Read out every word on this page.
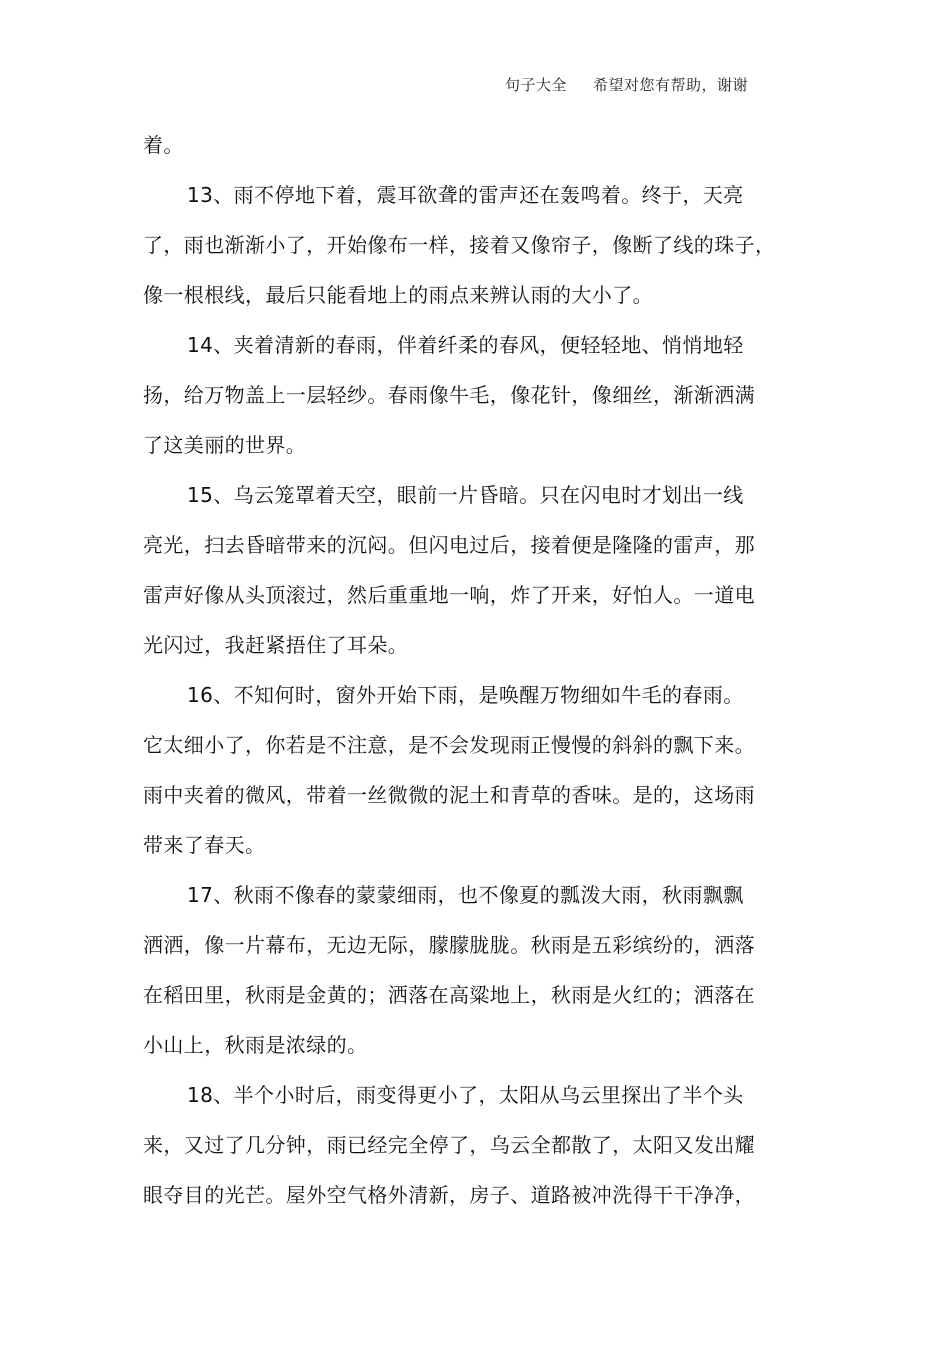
句子大全 希望对您有帮助，谢谢
着。
13、雨不停地下着，震耳欲聋的雷声还在轰鸣着。终于，天亮
了，雨也渐渐小了，开始像布一样，接着又像帘子，像断了线的珠子，
像一根根线，最后只能看地上的雨点来辨认雨的大小了。
14、夹着清新的春雨，伴着纤柔的春风，便轻轻地、悄悄地轻
扬，给万物盖上一层轻纱。春雨像牛毛，像花针，像细丝，渐渐洒满
了这美丽的世界。
15、乌云笼罩着天空，眼前一片昏暗。只在闪电时才划出一线
亮光，扫去昏暗带来的沉闷。但闪电过后，接着便是隆隆的雷声，那
雷声好像从头顶滚过，然后重重地一响，炸了开来，好怕人。一道电
光闪过，我赶紧捂住了耳朵。
16、不知何时，窗外开始下雨，是唤醒万物细如牛毛的春雨。
它太细小了，你若是不注意，是不会发现雨正慢慢的斜斜的飘下来。
雨中夹着的微风，带着一丝微微的泥土和青草的香味。是的，这场雨
带来了春天。
17、秋雨不像春的蒙蒙细雨，也不像夏的瓢泼大雨，秋雨飘飘
洒洒，像一片幕布，无边无际，朦朦胧胧。秋雨是五彩缤纷的，洒落
在稻田里，秋雨是金黄的；洒落在高粱地上，秋雨是火红的；洒落在
小山上，秋雨是浓绿的。
18、半个小时后，雨变得更小了，太阳从乌云里探出了半个头
来，又过了几分钟，雨已经完全停了，乌云全都散了，太阳又发出耀
眼夺目的光芒。屋外空气格外清新，房子、道路被冲洗得干干净净，
